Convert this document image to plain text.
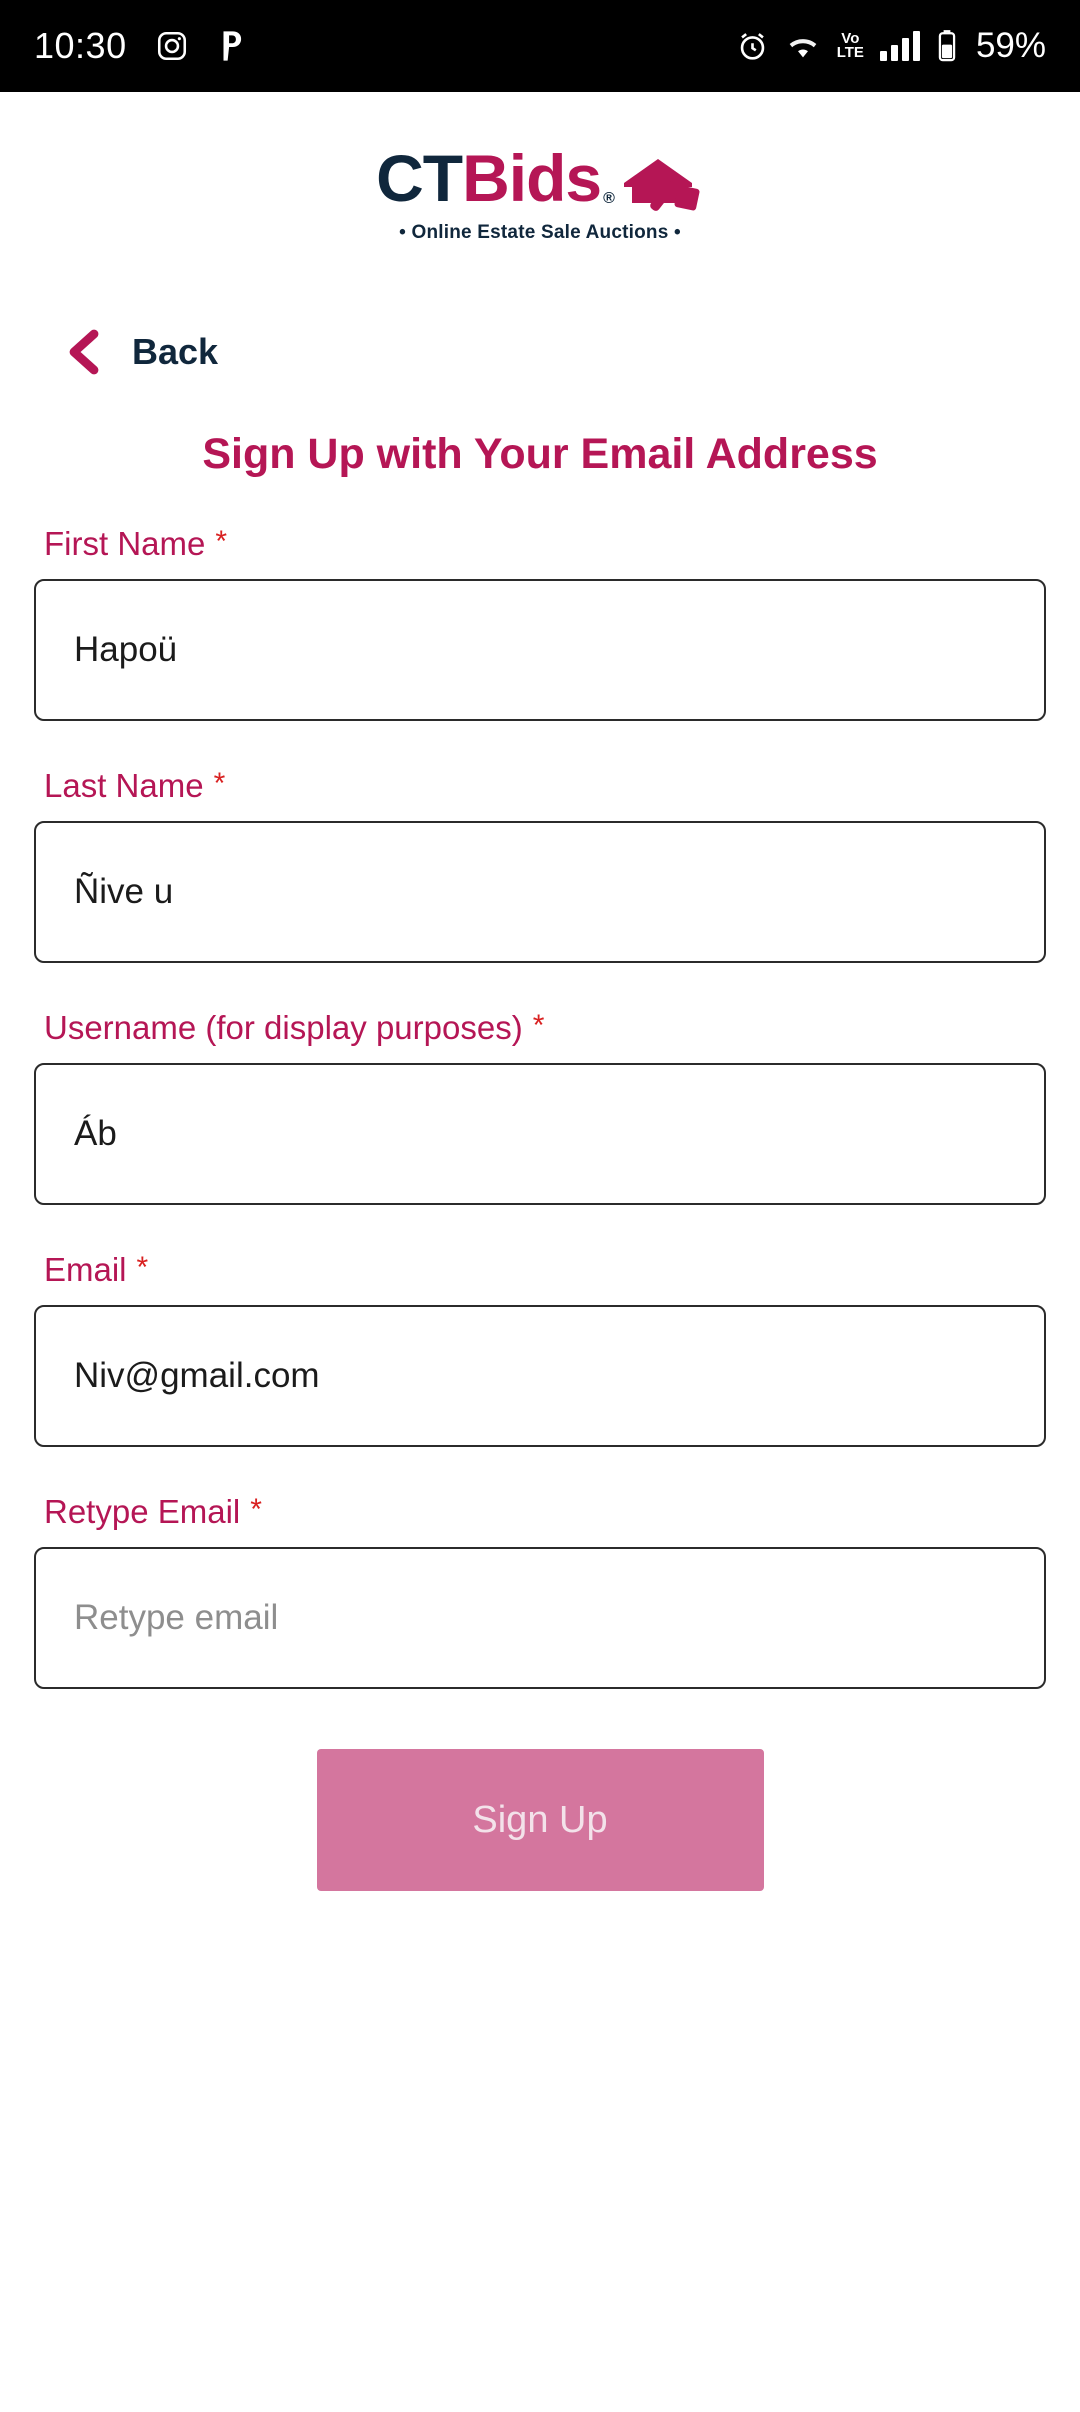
10:30	Vo
LTE	59%
CT Bids ®
• Online Estate Sale Auctions •
Back
Sign Up with Your Email Address
First Name *
Hapoü
Last Name *
Ñive u
Username (for display purposes) *
Áb
Email *
Niv@gmail.com
Retype Email *
Retype email
Sign Up
